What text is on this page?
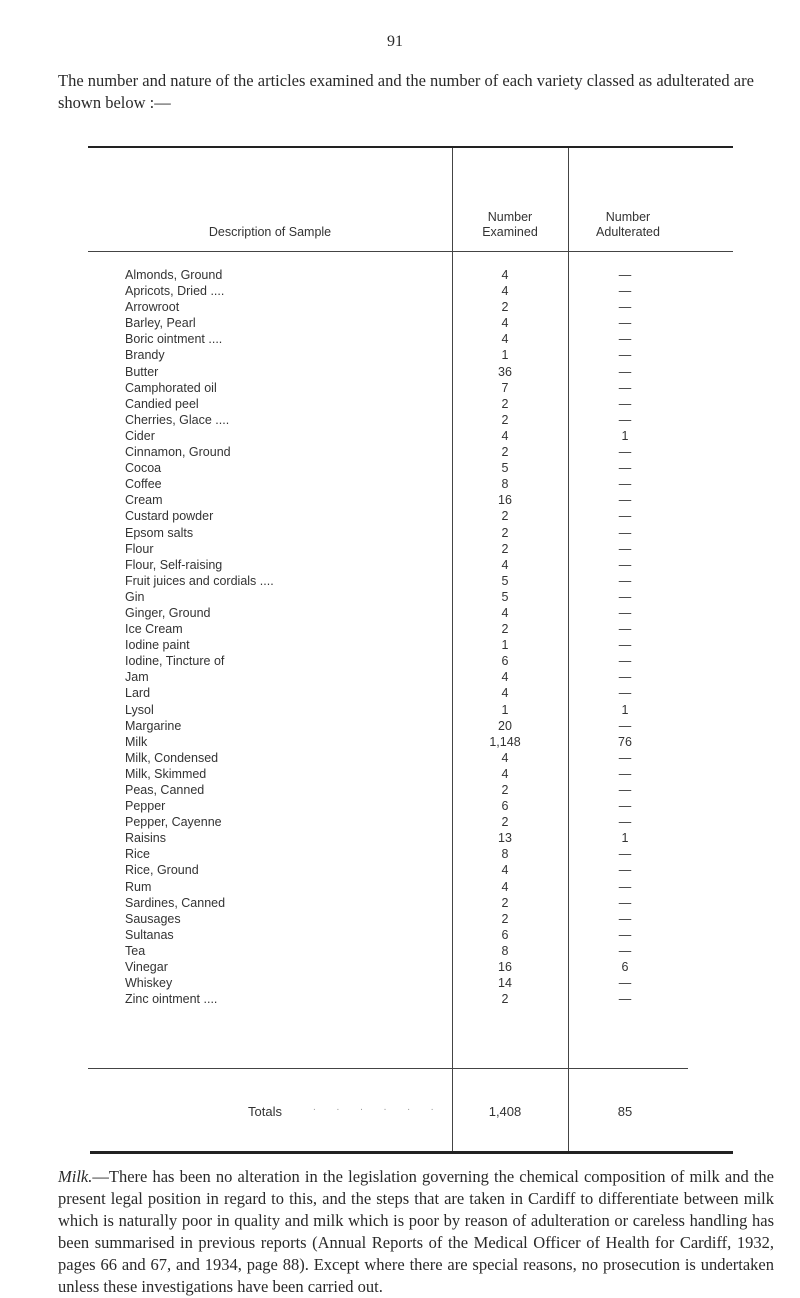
91
The number and nature of the articles examined and the number of each variety classed as adulterated are shown below :—
Description of Sample
Number
Examined
Number
Adulterated
Almonds, Ground	4	—
Apricots, Dried ....	4	—
Arrowroot	2	—
Barley, Pearl	4	—
Boric ointment ....	4	—
Brandy	1	—
Butter	36	—
Camphorated oil	7	—
Candied peel	2	—
Cherries, Glace ....	2	—
Cider	4	1
Cinnamon, Ground	2	—
Cocoa	5	—
Coffee	8	—
Cream	16	—
Custard powder	2	—
Epsom salts	2	—
Flour	2	—
Flour, Self-raising	4	—
Fruit juices and cordials ....	5	—
Gin	5	—
Ginger, Ground	4	—
Ice Cream	2	—
Iodine paint	1	—
Iodine, Tincture of	6	—
Jam	4	—
Lard	4	—
Lysol	1	1
Margarine	20	—
Milk	1,148	76
Milk, Condensed	4	—
Milk, Skimmed	4	—
Peas, Canned	2	—
Pepper	6	—
Pepper, Cayenne	2	—
Raisins	13	1
Rice	8	—
Rice, Ground	4	—
Rum	4	—
Sardines, Canned	2	—
Sausages	2	—
Sultanas	6	—
Tea	8	—
Vinegar	16	6
Whiskey	14	—
Zinc ointment ....	2	—
Totals	. . . . . .	1,408	85
Milk.—There has been no alteration in the legislation governing the chemical composition of milk and the present legal position in regard to this, and the steps that are taken in Cardiff to differentiate between milk which is naturally poor in quality and milk which is poor by reason of adulteration or careless handling has been summarised in previous reports (Annual Reports of the Medical Officer of Health for Cardiff, 1932, pages 66 and 67, and 1934, page 88). Except where there are special reasons, no prosecution is undertaken unless these investigations have been carried out.
